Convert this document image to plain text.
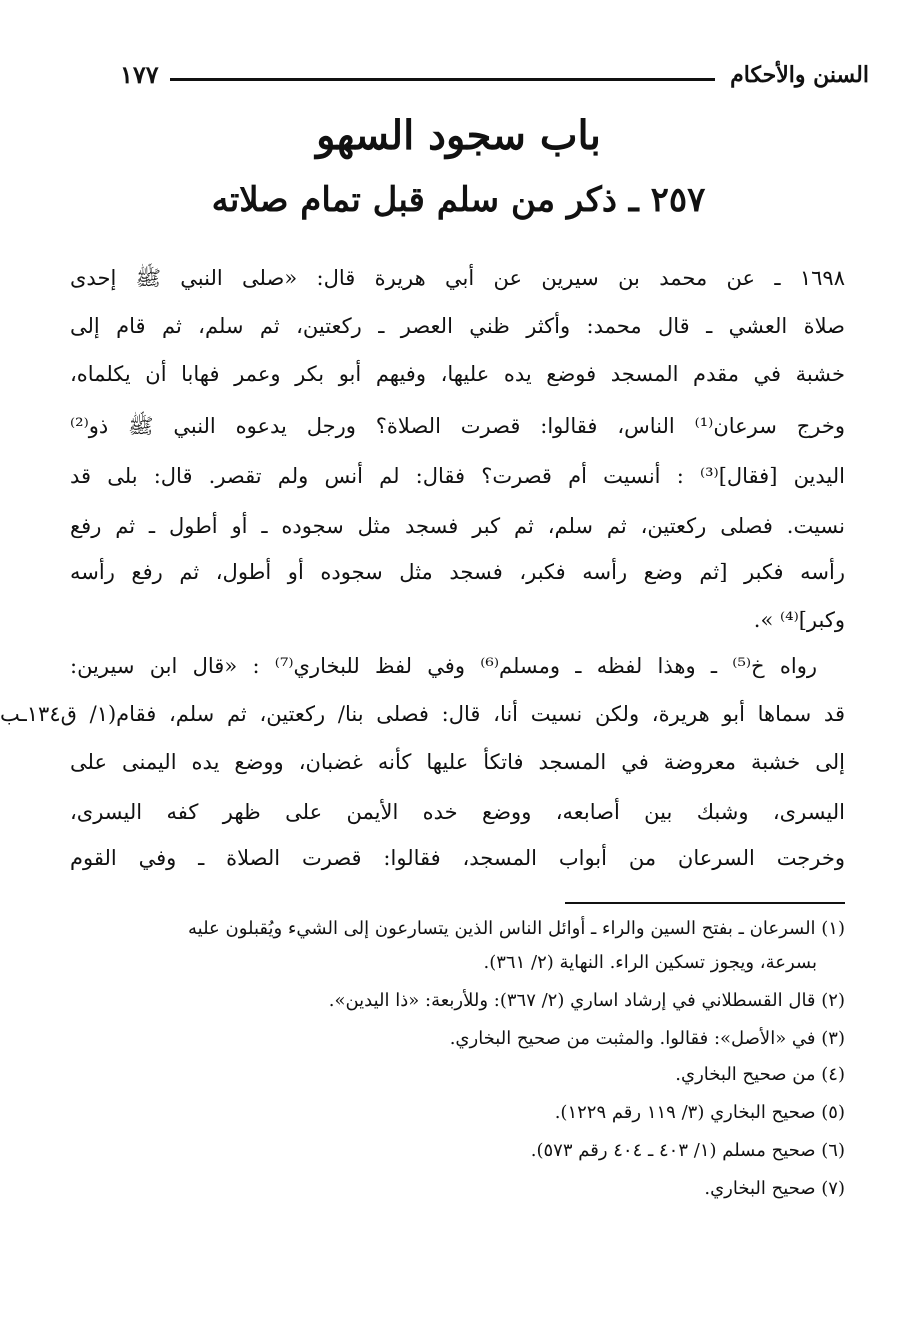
السنن والأحكام
١٧٧
باب سجود السهو
٢٥٧ ـ ذكر من سلم قبل تمام صلاته
١٦٩٨ ـ عن محمد بن سيرين عن أبي هريرة قال: «صلى النبي ﷺ إحدى
صلاة العشي ـ قال محمد: وأكثر ظني العصر ـ ركعتين، ثم سلم، ثم قام إلى
خشبة في مقدم المسجد فوضع يده عليها، وفيهم أبو بكر وعمر فهابا أن يكلماه،
وخرج سرعان⁽¹⁾ الناس، فقالوا: قصرت الصلاة؟ ورجل يدعوه النبي ﷺ ذو⁽²⁾
اليدين [فقال]⁽³⁾ : أنسيت أم قصرت؟ فقال: لم أنس ولم تقصر. قال: بلى قد
نسيت. فصلى ركعتين، ثم سلم، ثم كبر فسجد مثل سجوده ـ أو أطول ـ ثم رفع
رأسه فكبر [ثم وضع رأسه فكبر، فسجد مثل سجوده أو أطول، ثم رفع رأسه
وكبر]⁽⁴⁾ ».
رواه خ⁽⁵⁾ ـ وهذا لفظه ـ ومسلم⁽⁶⁾ وفي لفظ للبخاري⁽⁷⁾ : «قال ابن سيرين:
قد سماها أبو هريرة، ولكن نسيت أنا، قال: فصلى بنا/ ركعتين، ثم سلم، فقام(١/ ق١٣٤ـب
إلى خشبة معروضة في المسجد فاتكأ عليها كأنه غضبان، ووضع يده اليمنى على
اليسرى، وشبك بين أصابعه، ووضع خده الأيمن على ظهر كفه اليسرى،
وخرجت السرعان من أبواب المسجد، فقالوا: قصرت الصلاة ـ وفي القوم
(١) السرعان ـ بفتح السين والراء ـ أوائل الناس الذين يتسارعون إلى الشيء ويُقبلون عليه
بسرعة، ويجوز تسكين الراء. النهاية (٢/ ٣٦١).
(٢) قال القسطلاني في إرشاد اساري (٢/ ٣٦٧): وللأربعة: «ذا اليدين».
(٣) في «الأصل»: فقالوا. والمثبت من صحيح البخاري.
(٤) من صحيح البخاري.
(٥) صحيح البخاري (٣/ ١١٩ رقم ١٢٢٩).
(٦) صحيح مسلم (١/ ٤٠٣ ـ ٤٠٤ رقم ٥٧٣).
(٧) صحيح البخاري.
